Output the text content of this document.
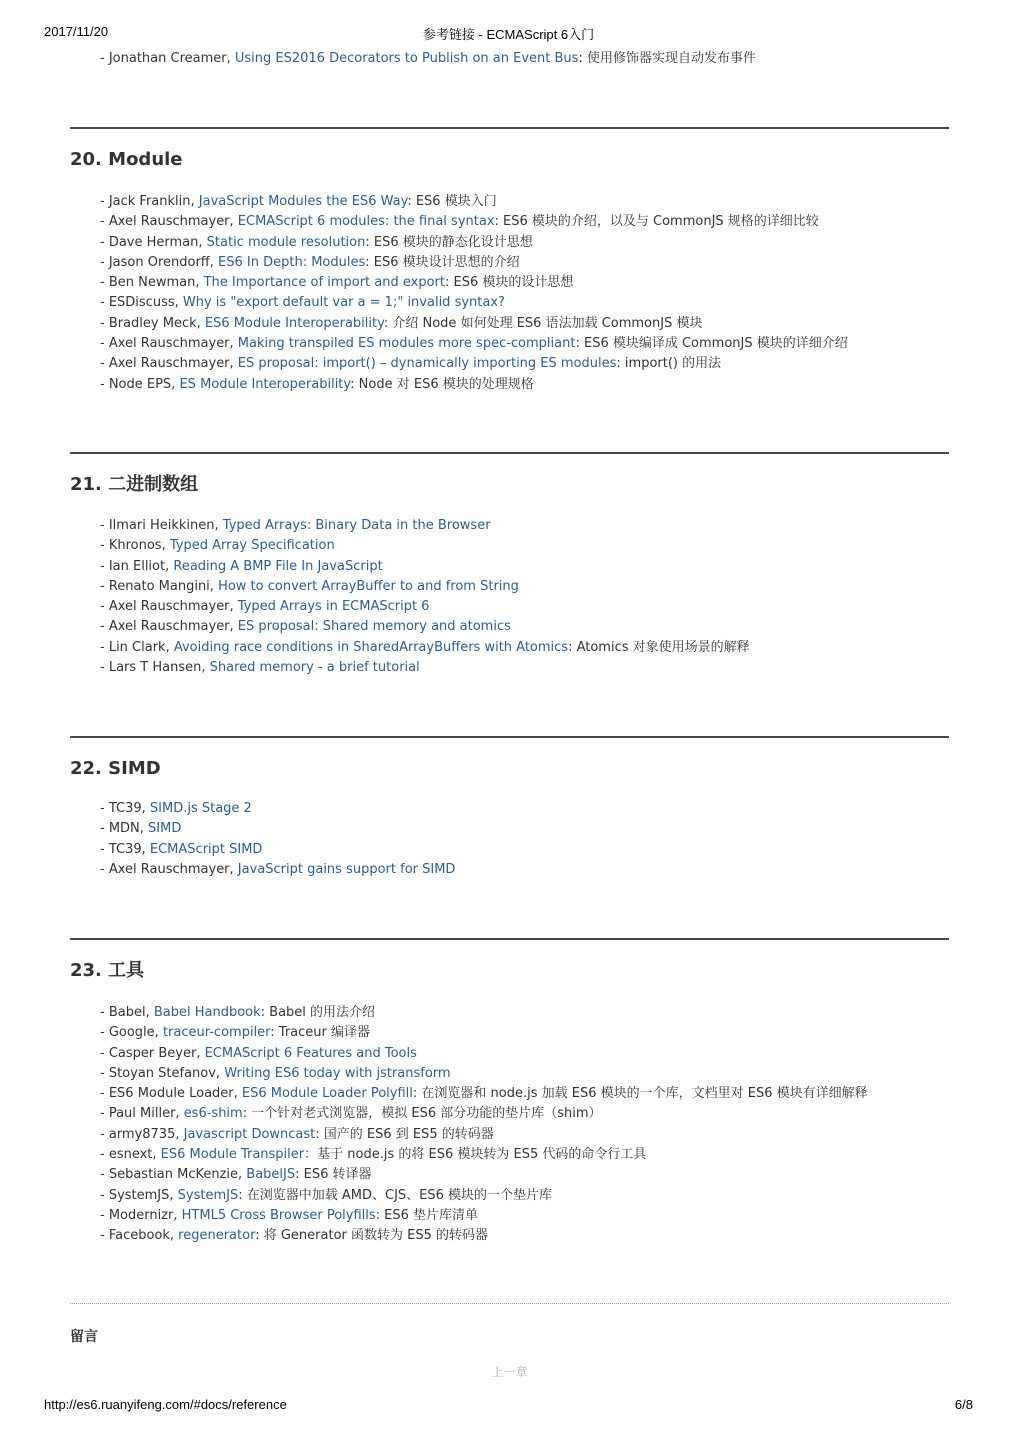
2017/11/20	参考链接 - ECMAScript 6入门
- Jonathan Creamer, Using ES2016 Decorators to Publish on an Event Bus: 使用修饰器实现自动发布事件
20. Module
- Jack Franklin, JavaScript Modules the ES6 Way: ES6 模块入门
- Axel Rauschmayer, ECMAScript 6 modules: the final syntax: ES6 模块的介绍，以及与 CommonJS 规格的详细比较
- Dave Herman, Static module resolution: ES6 模块的静态化设计思想
- Jason Orendorff, ES6 In Depth: Modules: ES6 模块设计思想的介绍
- Ben Newman, The Importance of import and export: ES6 模块的设计思想
- ESDiscuss, Why is "export default var a = 1;" invalid syntax?
- Bradley Meck, ES6 Module Interoperability: 介绍 Node 如何处理 ES6 语法加载 CommonJS 模块
- Axel Rauschmayer, Making transpiled ES modules more spec-compliant: ES6 模块编译成 CommonJS 模块的详细介绍
- Axel Rauschmayer, ES proposal: import() – dynamically importing ES modules: import() 的用法
- Node EPS, ES Module Interoperability: Node 对 ES6 模块的处理规格
21. 二进制数组
- Ilmari Heikkinen, Typed Arrays: Binary Data in the Browser
- Khronos, Typed Array Specification
- Ian Elliot, Reading A BMP File In JavaScript
- Renato Mangini, How to convert ArrayBuffer to and from String
- Axel Rauschmayer, Typed Arrays in ECMAScript 6
- Axel Rauschmayer, ES proposal: Shared memory and atomics
- Lin Clark, Avoiding race conditions in SharedArrayBuffers with Atomics: Atomics 对象使用场景的解释
- Lars T Hansen, Shared memory - a brief tutorial
22. SIMD
- TC39, SIMD.js Stage 2
- MDN, SIMD
- TC39, ECMAScript SIMD
- Axel Rauschmayer, JavaScript gains support for SIMD
23. 工具
- Babel, Babel Handbook: Babel 的用法介绍
- Google, traceur-compiler: Traceur 编译器
- Casper Beyer, ECMAScript 6 Features and Tools
- Stoyan Stefanov, Writing ES6 today with jstransform
- ES6 Module Loader, ES6 Module Loader Polyfill: 在浏览器和 node.js 加载 ES6 模块的一个库，文档里对 ES6 模块有详细解释
- Paul Miller, es6-shim: 一个针对老式浏览器，模拟 ES6 部分功能的垫片库（shim）
- army8735, Javascript Downcast: 国产的 ES6 到 ES5 的转码器
- esnext, ES6 Module Transpiler：基于 node.js 的将 ES6 模块转为 ES5 代码的命令行工具
- Sebastian McKenzie, BabelJS: ES6 转译器
- SystemJS, SystemJS: 在浏览器中加载 AMD、CJS、ES6 模块的一个垫片库
- Modernizr, HTML5 Cross Browser Polyfills: ES6 垫片库清单
- Facebook, regenerator: 将 Generator 函数转为 ES5 的转码器
留言
上一章
http://es6.ruanyifeng.com/#docs/reference	6/8
